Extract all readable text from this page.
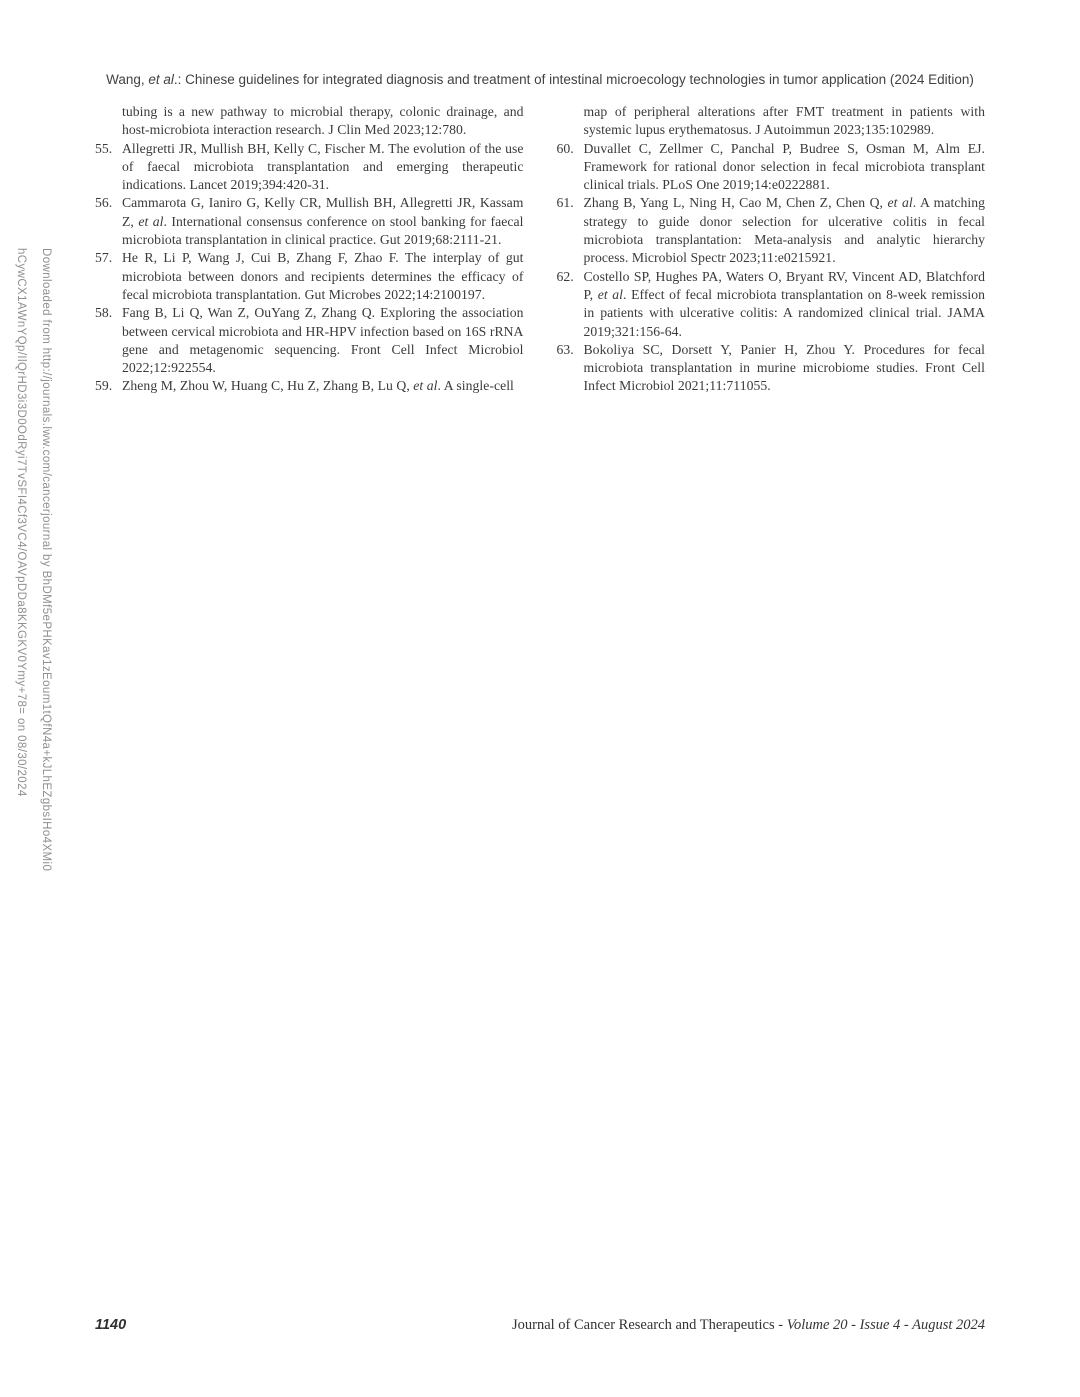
Wang, et al.: Chinese guidelines for integrated diagnosis and treatment of intestinal microecology technologies in tumor application (2024 Edition)
Downloaded from http://journals.lww.com/cancerjournal by BhDMf5ePHKav1zEoum1tQfN4a+kJLhEZgbsIHo4XMi0
hCywCX1AWnYQp/IlQrHD3i3D0OdRyi7TvSFI4Cf3VC4/OAVpDDa8KKGKV0Ymy+78= on 08/30/2024
tubing is a new pathway to microbial therapy, colonic drainage, and host-microbiota interaction research. J Clin Med 2023;12:780.
55. Allegretti JR, Mullish BH, Kelly C, Fischer M. The evolution of the use of faecal microbiota transplantation and emerging therapeutic indications. Lancet 2019;394:420-31.
56. Cammarota G, Ianiro G, Kelly CR, Mullish BH, Allegretti JR, Kassam Z, et al. International consensus conference on stool banking for faecal microbiota transplantation in clinical practice. Gut 2019;68:2111-21.
57. He R, Li P, Wang J, Cui B, Zhang F, Zhao F. The interplay of gut microbiota between donors and recipients determines the efficacy of fecal microbiota transplantation. Gut Microbes 2022;14:2100197.
58. Fang B, Li Q, Wan Z, OuYang Z, Zhang Q. Exploring the association between cervical microbiota and HR-HPV infection based on 16S rRNA gene and metagenomic sequencing. Front Cell Infect Microbiol 2022;12:922554.
59. Zheng M, Zhou W, Huang C, Hu Z, Zhang B, Lu Q, et al. A single-cell
map of peripheral alterations after FMT treatment in patients with systemic lupus erythematosus. J Autoimmun 2023;135:102989.
60. Duvallet C, Zellmer C, Panchal P, Budree S, Osman M, Alm EJ. Framework for rational donor selection in fecal microbiota transplant clinical trials. PLoS One 2019;14:e0222881.
61. Zhang B, Yang L, Ning H, Cao M, Chen Z, Chen Q, et al. A matching strategy to guide donor selection for ulcerative colitis in fecal microbiota transplantation: Meta-analysis and analytic hierarchy process. Microbiol Spectr 2023;11:e0215921.
62. Costello SP, Hughes PA, Waters O, Bryant RV, Vincent AD, Blatchford P, et al. Effect of fecal microbiota transplantation on 8-week remission in patients with ulcerative colitis: A randomized clinical trial. JAMA 2019;321:156-64.
63. Bokoliya SC, Dorsett Y, Panier H, Zhou Y. Procedures for fecal microbiota transplantation in murine microbiome studies. Front Cell Infect Microbiol 2021;11:711055.
1140	Journal of Cancer Research and Therapeutics - Volume 20 - Issue 4 - August 2024
